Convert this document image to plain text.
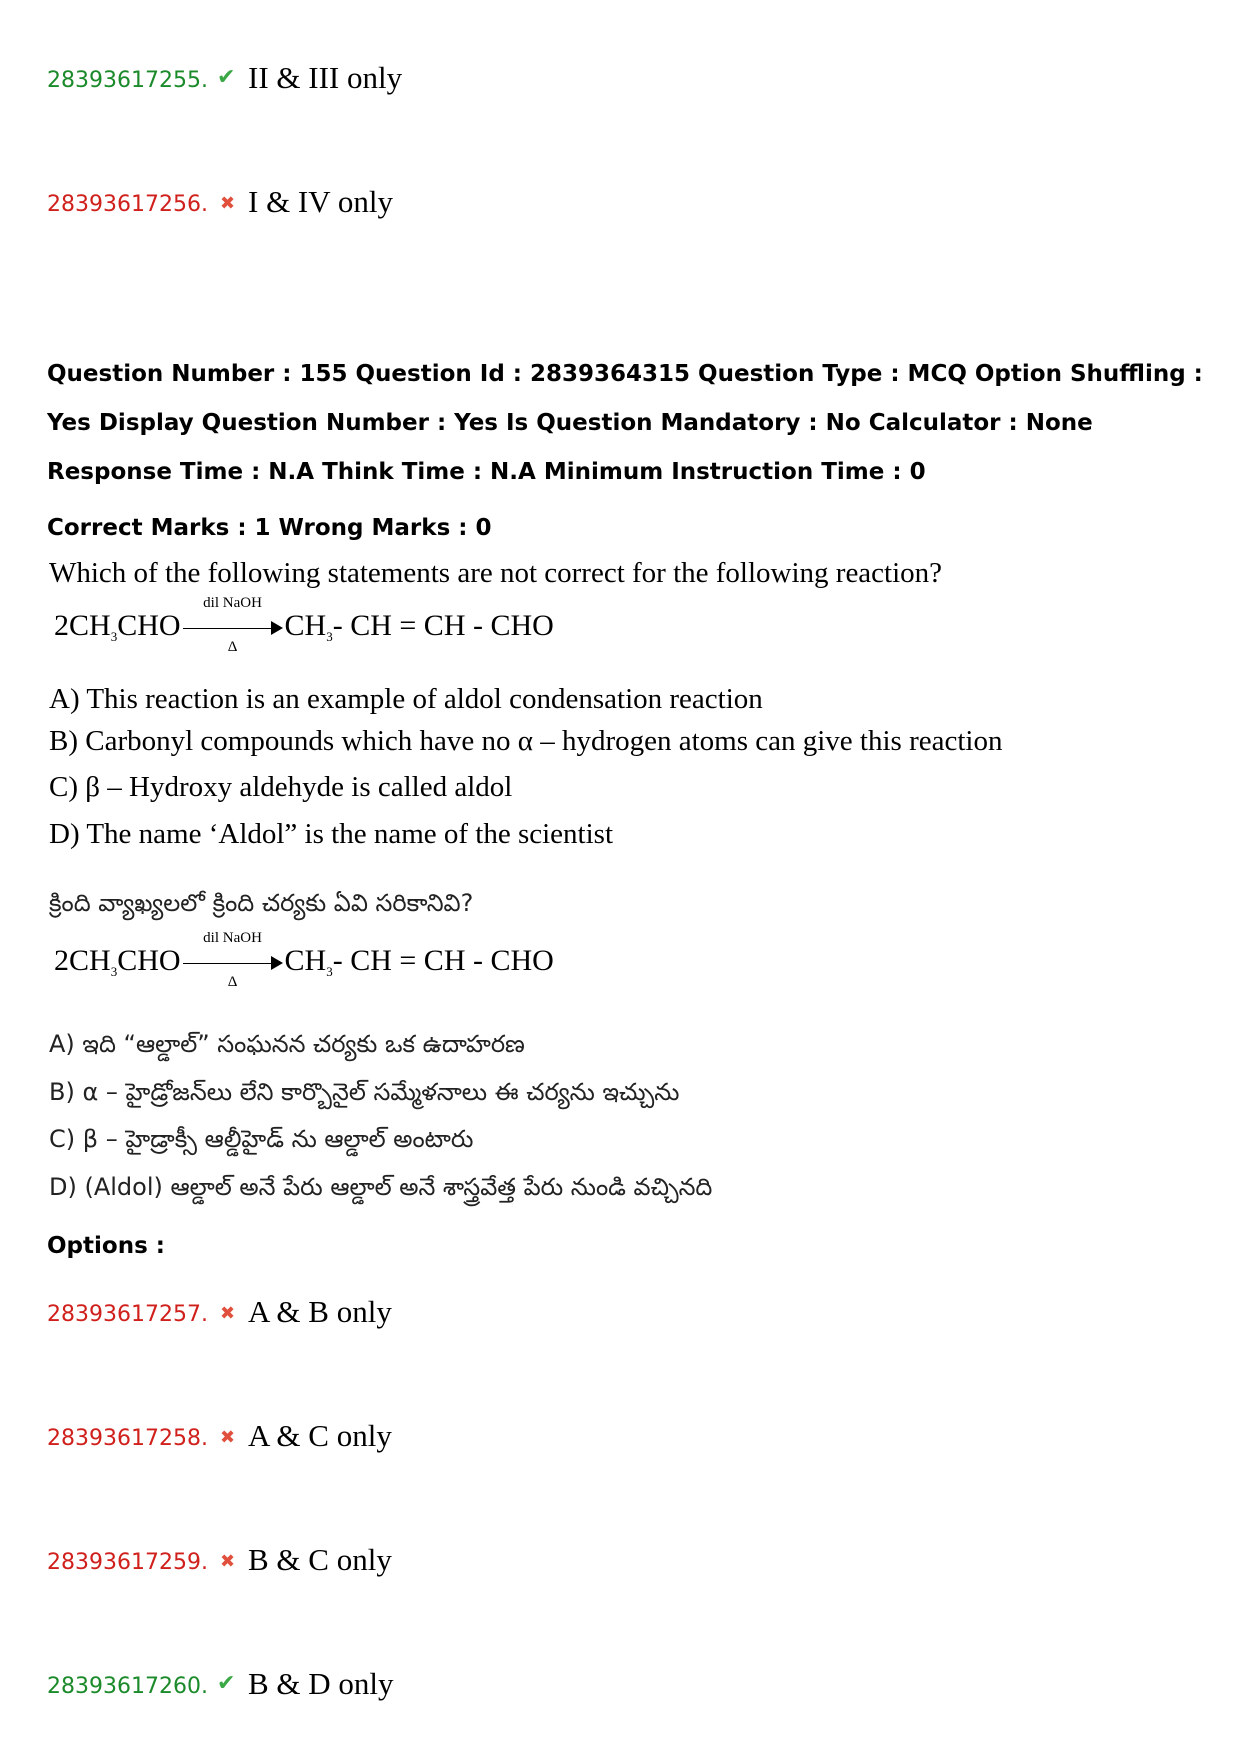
28393617255. ✔ II & III only
28393617256. ✖ I & IV only
Question Number : 155 Question Id : 2839364315 Question Type : MCQ Option Shuffling : Yes Display Question Number : Yes Is Question Mandatory : No Calculator : None Response Time : N.A Think Time : N.A Minimum Instruction Time : 0
Correct Marks : 1 Wrong Marks : 0
Which of the following statements are not correct for the following reaction?
$2CH_3CHO$
dil NaOH
Δ
$CH_3-$ CH = CH - CHO
A) This reaction is an example of aldol condensation reaction
B) Carbonyl compounds which have no α – hydrogen atoms can give this reaction
C) β – Hydroxy aldehyde is called aldol
D) The name ‘Aldol” is the name of the scientist
క్రింది వ్యాఖ్యలలో క్రింది చర్యకు ఏవి సరికానివి?
$2CH_3CHO$
dil NaOH
Δ
$CH_3-$ CH = CH - CHO
A) ఇది “ఆల్డాల్” సంఘనన చర్యకు ఒక ఉదాహరణ
B) α – హైడ్రోజన్‌లు లేని కార్బొనైల్ సమ్మేళనాలు ఈ చర్యను ఇచ్చును
C) β – హైడ్రాక్సీ ఆల్డీహైడ్ ను ఆల్డాల్ అంటారు
D) (Aldol) ఆల్డాల్ అనే పేరు ఆల్డాల్ అనే శాస్త్రవేత్త పేరు నుండి వచ్చినది
Options :
28393617257. ✖ A & B only
28393617258. ✖ A & C only
28393617259. ✖ B & C only
28393617260. ✔ B & D only
